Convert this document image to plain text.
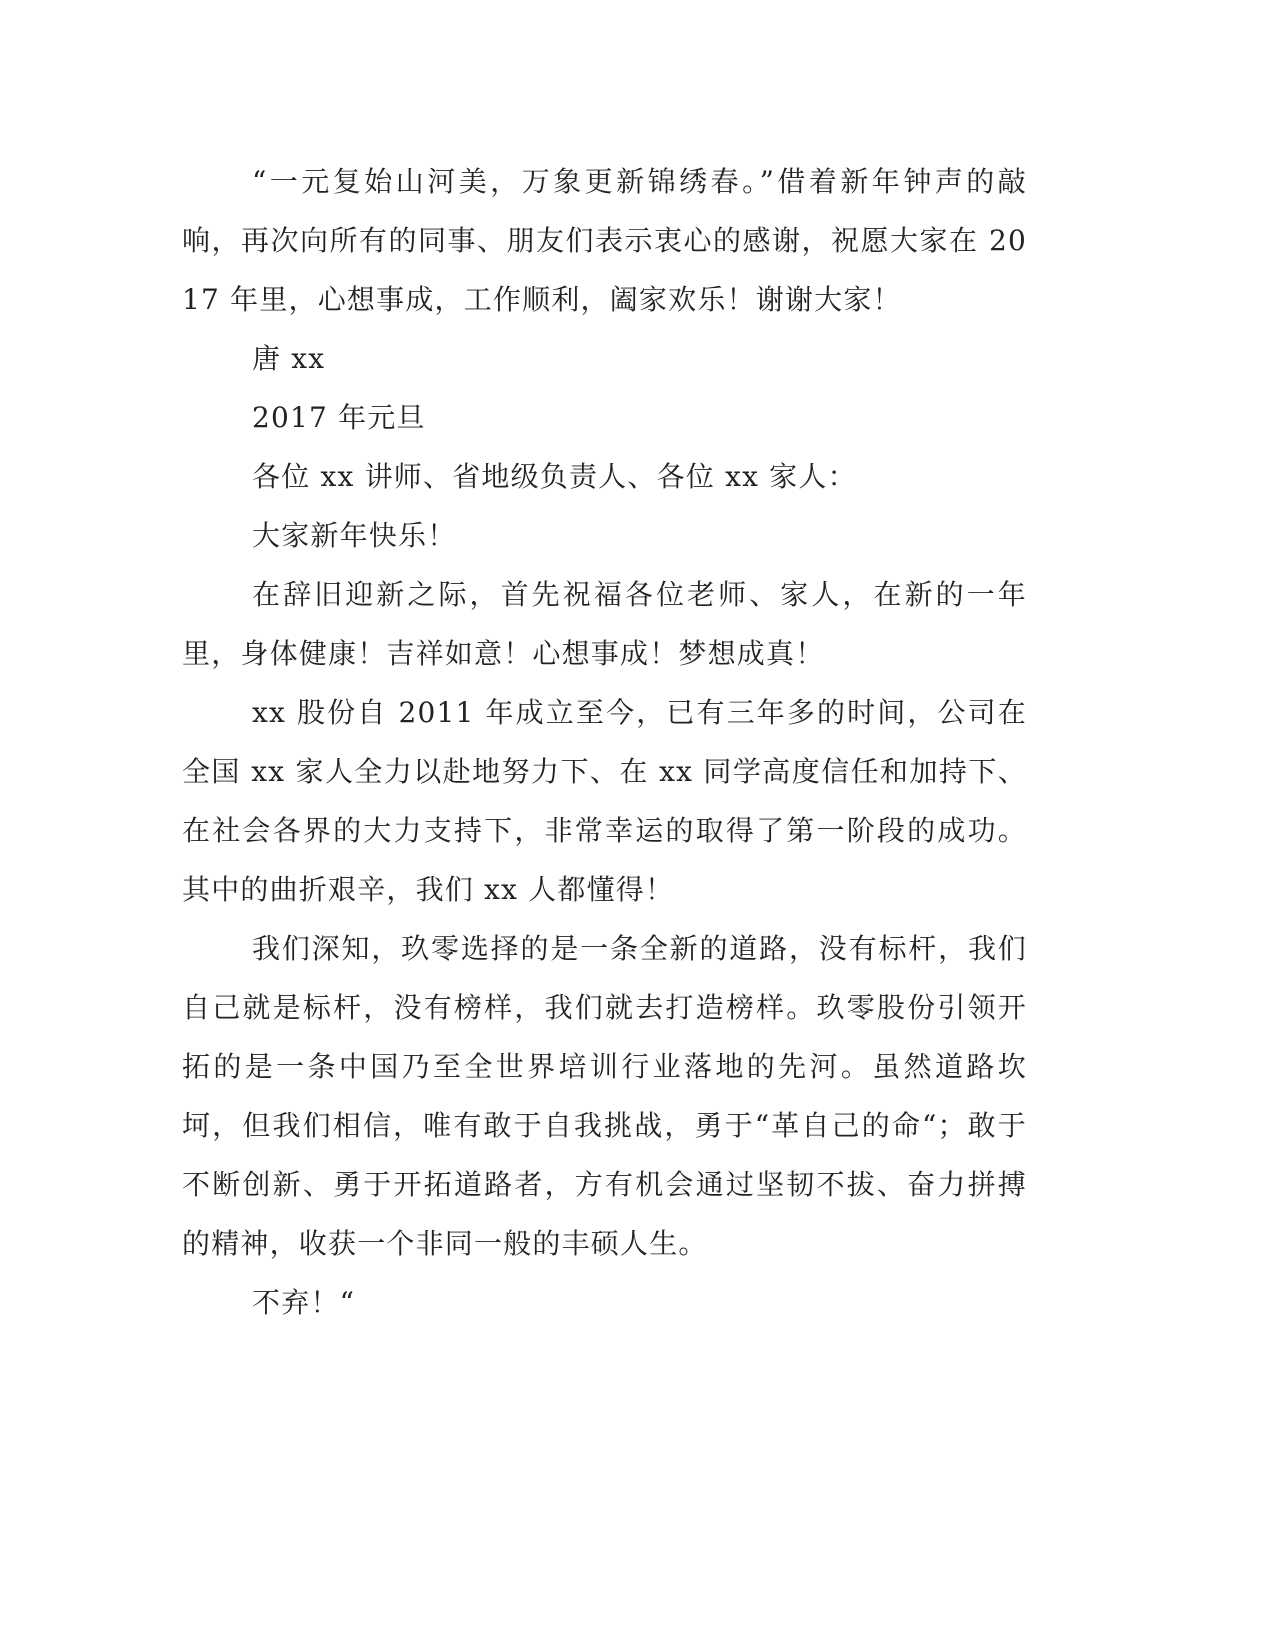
“一元复始山河美，万象更新锦绣春。”借着新年钟声的敲响，再次向所有的同事、朋友们表示衷心的感谢，祝愿大家在 2017 年里，心想事成，工作顺利，阖家欢乐！谢谢大家！

唐 xx

2017 年元旦

各位 xx 讲师、省地级负责人、各位 xx 家人：

大家新年快乐！

在辞旧迎新之际，首先祝福各位老师、家人，在新的一年里，身体健康！吉祥如意！心想事成！梦想成真！

xx 股份自 2011 年成立至今，已有三年多的时间，公司在全国 xx 家人全力以赴地努力下、在 xx 同学高度信任和加持下、在社会各界的大力支持下，非常幸运的取得了第一阶段的成功。其中的曲折艰辛，我们 xx 人都懂得！

我们深知，玖零选择的是一条全新的道路，没有标杆，我们自己就是标杆，没有榜样，我们就去打造榜样。玖零股份引领开拓的是一条中国乃至全世界培训行业落地的先河。虽然道路坎坷，但我们相信，唯有敢于自我挑战，勇于“革自己的命“；敢于不断创新、勇于开拓道路者，方有机会通过坚韧不拔、奋力拼搏的精神，收获一个非同一般的丰硕人生。

不弃！“
